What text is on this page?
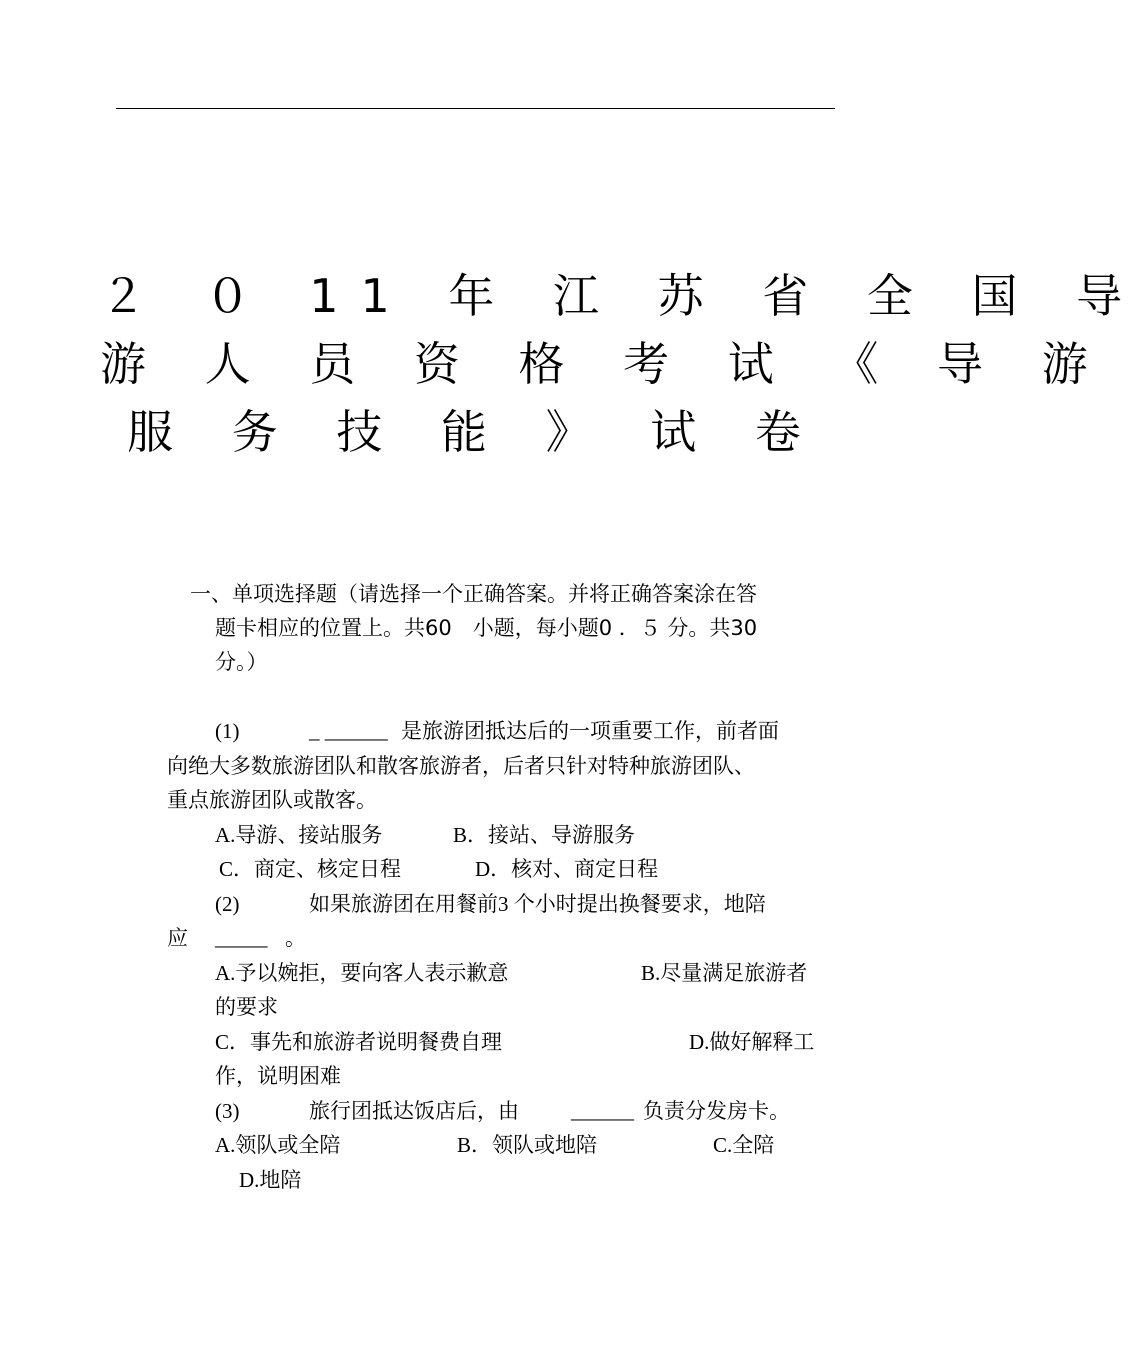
２ ０ 11 年 江 苏 省 全 国 导
游 人 员 资 格 考 试 《 导 游
服 务 技 能 》 试 卷
一、单项选择题（请选择一个正确答案。并将正确答案涂在答
题卡相应的位置上。共60　小题，每小题0 ．５ 分。共30
分。）
(1)	_ ______ 是旅游团抵达后的一项重要工作，前者面
向绝大多数旅游团队和散客旅游者，后者只针对特种旅游团队、
重点旅游团队或散客。
A.导游、接站服务	B．接站、导游服务
C．商定、核定日程	D．核对、商定日程
(2)	如果旅游团在用餐前3 个小时提出换餐要求，地陪
应 _____ 。
A.予以婉拒，要向客人表示歉意	B.尽量满足旅游者
的要求
C．事先和旅游者说明餐费自理	D.做好解释工
作，说明困难
(3)	旅行团抵达饭店后，由 ______ 负责分发房卡。
A.领队或全陪	B．领队或地陪	C.全陪
D.地陪
